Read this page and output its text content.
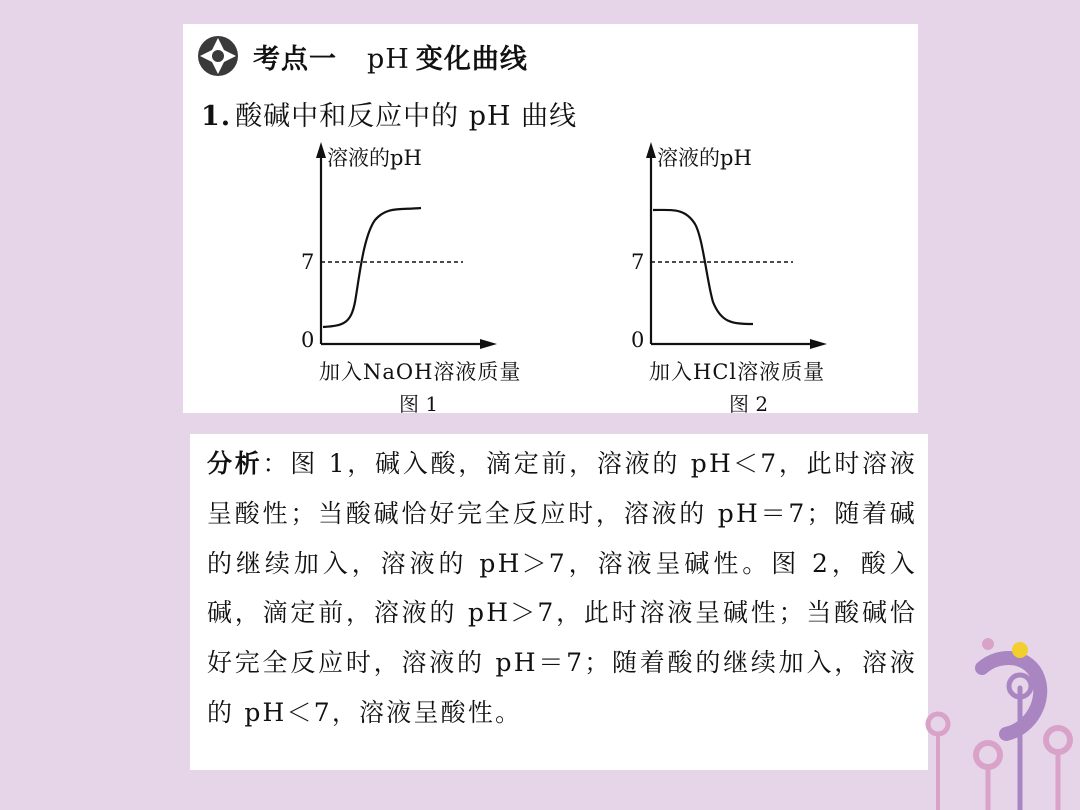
考点一 pH 变化曲线
1. 酸碱中和反应中的 pH 曲线
溶液的pH
7
0
加入NaOH溶液质量
图 1
溶液的pH
7
0
加入HCl溶液质量
图 2
分析：图 1，碱入酸，滴定前，溶液的 pH＜7，此时溶液呈酸性；当酸碱恰好完全反应时，溶液的 pH＝7；随着碱的继续加入，溶液的 pH＞7，溶液呈碱性。图 2，酸入碱，滴定前，溶液的 pH＞7，此时溶液呈碱性；当酸碱恰好完全反应时，溶液的 pH＝7；随着酸的继续加入，溶液的 pH＜7，溶液呈酸性。
